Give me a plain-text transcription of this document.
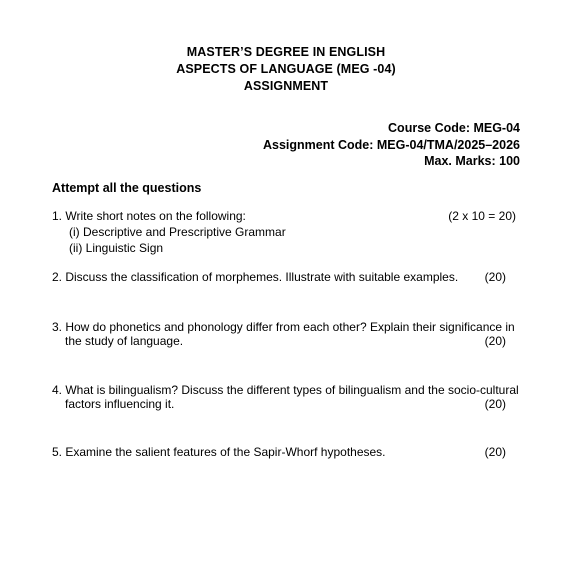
MASTER’S DEGREE IN ENGLISH
ASPECTS OF LANGUAGE (MEG -04)
ASSIGNMENT
Course Code: MEG-04
Assignment Code: MEG-04/TMA/2025–2026
Max. Marks: 100
Attempt all the questions
1. Write short notes on the following:	(2 x 10 = 20)
(i) Descriptive and Prescriptive Grammar
(ii) Linguistic Sign
2. Discuss the classification of morphemes. Illustrate with suitable examples. (20)
3. How do phonetics and phonology differ from each other? Explain their significance in
the study of language.	(20)
4. What is bilingualism? Discuss the different types of bilingualism and the socio-cultural
factors influencing it.	(20)
5. Examine the salient features of the Sapir-Whorf hypotheses.	(20)
